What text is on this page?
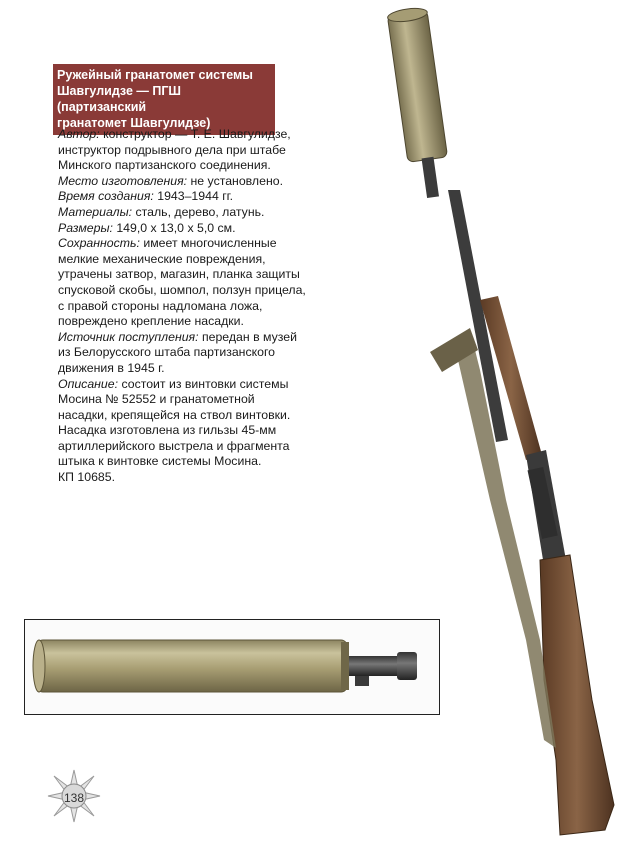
Ружейный гранатомет системы
Шавгулидзе — ПГШ (партизанский
гранатомет Шавгулидзе)
Автор: конструктор — Т. Е. Шавгулидзе,
инструктор подрывного дела при штабе
Минского партизанского соединения.
Место изготовления: не установлено.
Время создания: 1943–1944 гг.
Материалы: сталь, дерево, латунь.
Размеры: 149,0 х 13,0 х 5,0 см.
Сохранность: имеет многочисленные
мелкие механические повреждения,
утрачены затвор, магазин, планка защиты
спусковой скобы, шомпол, ползун прицела,
с правой стороны надломана ложа,
повреждено крепление насадки.
Источник поступления: передан в музей
из Белорусского штаба партизанского
движения в 1945 г.
Описание: состоит из винтовки системы
Мосина № 52552 и гранатометной
насадки, крепящейся на ствол винтовки.
Насадка изготовлена из гильзы 45-мм
артиллерийского выстрела и фрагмента
штыка к винтовке системы Мосина.
КП 10685.
138
